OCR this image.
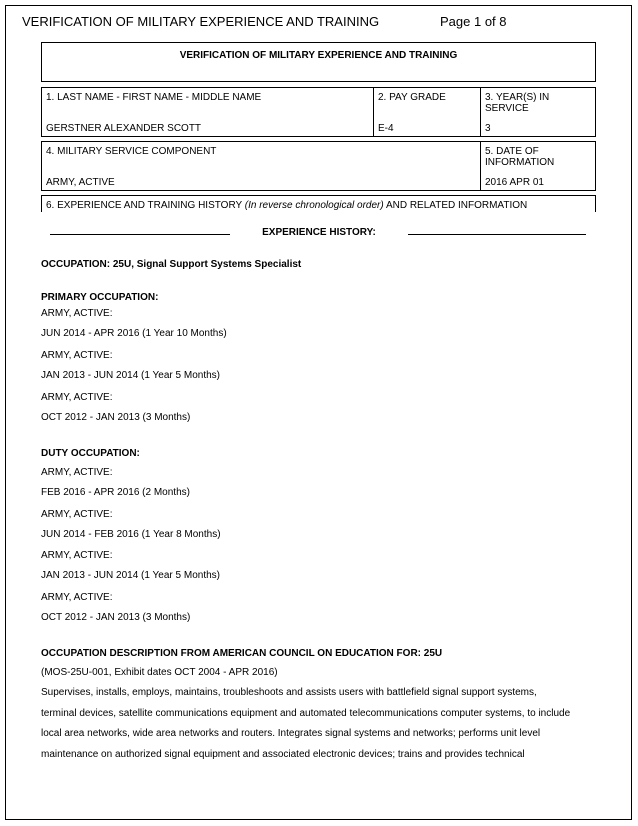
VERIFICATION OF MILITARY EXPERIENCE AND TRAINING	Page 1 of 8
VERIFICATION OF MILITARY EXPERIENCE AND TRAINING
1. LAST NAME - FIRST NAME - MIDDLE NAME
GERSTNER ALEXANDER SCOTT
2. PAY GRADE
E-4
3. YEAR(S) IN SERVICE
3
4. MILITARY SERVICE COMPONENT
ARMY, ACTIVE
5. DATE OF INFORMATION
2016 APR 01
6. EXPERIENCE AND TRAINING HISTORY (In reverse chronological order) AND RELATED INFORMATION
EXPERIENCE HISTORY:
OCCUPATION: 25U, Signal Support Systems Specialist
PRIMARY OCCUPATION:
ARMY, ACTIVE:
JUN 2014 - APR 2016 (1 Year 10 Months)
ARMY, ACTIVE:
JAN 2013 - JUN 2014 (1 Year 5 Months)
ARMY, ACTIVE:
OCT 2012 - JAN 2013 (3 Months)
DUTY OCCUPATION:
ARMY, ACTIVE:
FEB 2016 - APR 2016 (2 Months)
ARMY, ACTIVE:
JUN 2014 - FEB 2016 (1 Year 8 Months)
ARMY, ACTIVE:
JAN 2013 - JUN 2014 (1 Year 5 Months)
ARMY, ACTIVE:
OCT 2012 - JAN 2013 (3 Months)
OCCUPATION DESCRIPTION FROM AMERICAN COUNCIL ON EDUCATION FOR: 25U
(MOS-25U-001, Exhibit dates OCT 2004 - APR 2016)
Supervises, installs, employs, maintains, troubleshoots and assists users with battlefield signal support systems,
terminal devices, satellite communications equipment and automated telecommunications computer systems, to include
local area networks, wide area networks and routers. Integrates signal systems and networks; performs unit level
maintenance on authorized signal equipment and associated electronic devices; trains and provides technical
